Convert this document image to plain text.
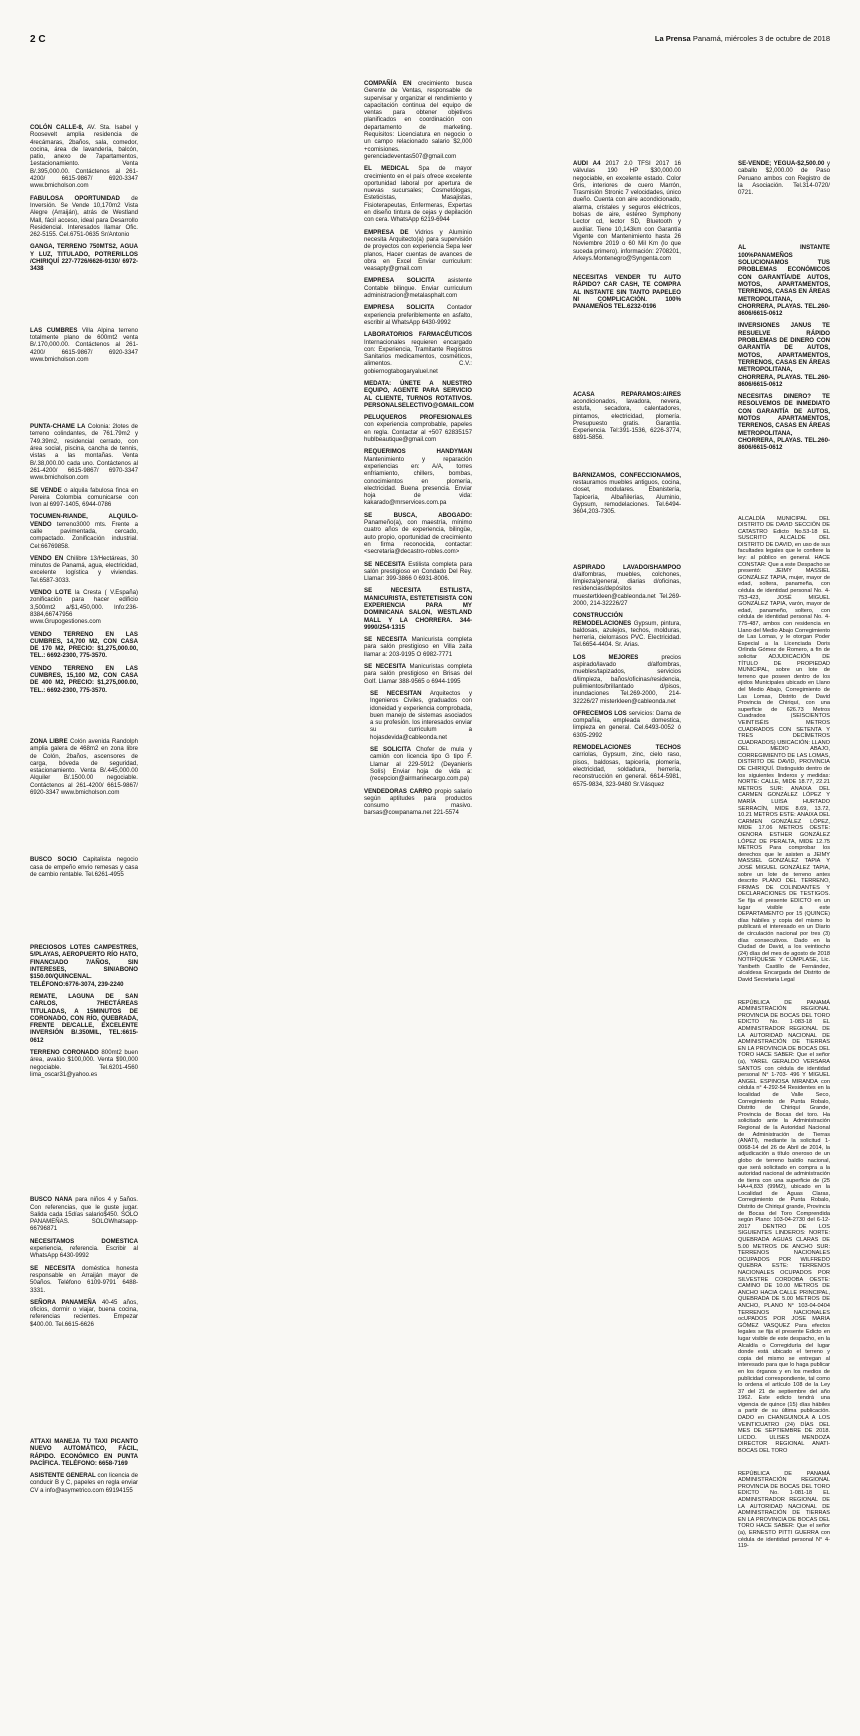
2 C	La Prensa Panamá, miércoles 3 de octubre de 2018
COLÓN CALLE-8, AV. Sta. Isabel y Roosevelt amplia residencia de 4recámaras, 2baños, sala, comedor, cocina, área de lavandería, balcón, patio, anexo de 7apartamentos, 1estacionamiento. Venta B/.395,000.00. Contáctenos al 261-4200/ 6615-9867/ 6920-3347 www.bmicholson.com
FABULOSA OPORTUNIDAD de Inversión. Se Vende 10,170m2 Vista Alegre (Arraiján), atrás de Westland Mall, fácil acceso, ideal para Desarrollo Residencial. Interesados llamar Ofic. 262-5155. Cel.6751-0635 Sr/Antonio
GANGA, TERRENO 750MTS2, AGUA Y LUZ, TITULADO, POTRERILLOS /CHIRIQUÍ 227-7726/6626-9130/ 6972-3438
LAS CUMBRES Villa Alpina terreno totalmente plano de 600mt2 venta B/.170,000.00. Contáctenos al 261-4200/ 6615-9867/ 6920-3347 www.bmicholson.com
PUNTA-CHAME LA Colonia: 2lotes de terreno colindantes, de 761.79m2 y 749.39m2, residencial cerrado, con área social, piscina, cancha de tennis, vistas a las montañas. Venta B/.38,000.00 cada uno. Contáctenos al 261-4200/ 6615-9867/ 6970-3347 www.bmicholson.com
SE VENDE o alquila fabulosa finca en Pereira Colombia comunicarse con Ivon al 6997-1405, 6944-0786
TOCUMEN-RIANDE, ALQUILO-VENDO terreno3000 mts. Frente a calle pavimentada, cercado, compactado. Zonificación industrial. Cel:66769858.
VENDO EN Chilibre 13/Hectáreas, 30 minutos de Panamá, agua, electricidad, excelente logística y viviendas. Tel.6587-3033.
VENDO LOTE la Cresta ( V.España) zonificación para hacer edificio 3,500mt2 a/$1,450,000. Info:236-8384,66747956 www.Grupogestiones.com
VENDO TERRENO EN LAS CUMBRES, 14,700 M2, CON CASA DE 170 M2, PRECIO: $1,275,000.00, TEL.: 6692-2300, 775-3570.
VENDO TERRENO EN LAS CUMBRES, 15,100 M2, CON CASA DE 400 M2, PRECIO: $1,275,000.00, TEL.: 6692-2300, 775-3570.
ZONA LIBRE Colón avenida Randolph amplia galera de 468m2 en zona libre de Colón, 2baños, ascensores de carga, bóveda de seguridad, estacionamiento. Venta B/.445,000.00 Alquiler B/.1500.00 negociable. Contáctenos al 261-4200/ 6615-9867/ 6920-3347 www.bmicholson.com
BUSCO SOCIO Capitalista negocio casa de empeño envío remesas y casa de cambio rentable. Tel.6261-4955
PRECIOSOS LOTES CAMPESTRES, 5/PLAYAS, AEROPUERTO RÍO HATO, FINANCIADO 7/AÑOS, SIN INTERESES, SIN/ABONO $150.00/QUINCENAL. TELÉFONO:6776-3074, 239-2240
REMATE, LAGUNA DE SAN CARLOS, 7HECTÁREAS TITULADAS, A 15MINUTOS DE CORONADO, CON RÍO, QUEBRADA, FRENTE DE/CALLE, EXCELENTE INVERSIÓN B/.350MIL, TEL:6615-0612
TERRENO CORONADO 800mt2 buen área, avalúo $100,000. Venta $90,000 negociable. Tel.6201-4560 lima_oscar31@yahoo.es
BUSCO NANA para niños 4 y 5años. Con referencias, que le guste jugar. Salida cada 15días salario$450. SOLO PANAMEÑAS. SOLOWhatsapp-66796871
NECESITAMOS DOMESTICA experiencia, referencia. Escribir al WhatsApp 6430-9992
SE NECESITA doméstica honesta responsable en Arraiján mayor de 50años. Teléfono 6109-9791 6488-3331.
SEÑORA PANAMEÑA 40-45 años, oficios, dormir o viajar, buena cocina, referencias recientes. Empezar $400.00. Tel.6615-6626
ATTAXI MANEJA TU TAXI PICANTO NUEVO AUTOMÁTICO, FÁCIL, RÁPIDO. ECONÓMICO EN PUNTA PACÍFICA. TELÉFONO: 6658-7169
ASISTENTE GENERAL con licencia de conducir B y C, papeles en regla enviar CV a info@asymetrico.com 69194155
COMPAÑÍA EN crecimiento busca Gerente de Ventas, responsable de supervisar y organizar el rendimiento y capacitación continua del equipo de ventas para obtener objetivos planificados en coordinación con departamento de marketing. Requisitos: Licenciatura en negocio o un campo relacionado salario $2,000 +comisiones. gerenciadeventas507@gmail.com
EL MEDICAL Spa de mayor crecimiento en el país ofrece excelente oportunidad laboral por apertura de nuevas sucursales; Cosmetólogas, Esteticistas, Masajistas, Fisioterapeutas, Enfermeras, Expertas en diseño tintura de cejas y depilación con cera. WhatsApp 6219-6944
EMPRESA DE Vidrios y Aluminio necesita Arquitecto(a) para supervisión de proyectos con experiencia Sepa leer planos, Hacer cuentas de avances de obra en Excel Enviar curriculum: veasapty@gmail.com
EMPRESA SOLICITA asistente Contable bilingue. Enviar curriculum administracion@metalasphalt.com
EMPRESA SOLICITA Contador experiencia preferiblemente en asfalto, escribir al WhatsApp 6430-9992
LABORATORIOS FARMACÉUTICOS Internacionales requieren encargado con: Experiencia, Tramitante Registros Sanitarios medicamentos, cosméticos, alimentos. C.V.: gobiernogtabogaryaluel.net
MEDATA: ÚNETE A NUESTRO EQUIPO, AGENTE PARA SERVICIO AL CLIENTE, TURNOS ROTATIVOS. PERSONALSELECTIVO@GMAIL.COM
PELUQUEROS PROFESIONALES con experiencia comprobable, papeles en regla. Contactar al +507 62835157 hublbeautique@gmail.com
REQUERIMOS HANDYMAN Mantenimiento y reparación experiencias en: A/A, torres enfriamiento, chillers, bombas, conocimientos en plomería, electricidad. Buena presencia. Enviar hoja de vida: kakarado@mrservices.com.pa
SE BUSCA, ABOGADO: Panameño(a), con maestría, mínimo cuatro años de experiencia, bilingüe, auto propio, oportunidad de crecimiento en firma reconocida, contactar: <secretaria@decastro-robles.com>
SE NECESITA Estilista completa para salón prestigioso en Condado Del Rey. Llamar: 399-3866 0 6931-8006.
SE NECESITA ESTILISTA, MANICURISTA, ESTETETISISTA CON EXPERIENCIA PARA MY DOMINICANA SALON, WESTLAND MALL Y LA CHORRERA. 344-9990/254-1315
SE NECESITA Manicurista completa para salón prestigioso en Villa zaita llamar a: 203-9195 O 6982-7771
SE NECESITA Manicuristas completa para salón prestigioso en Brisas del Golf. Llamar 388-9565 o 6944-1995
SE NECESITAN Arquitectos y Ingenieros Civiles, graduados con idoneidad y experiencia comprobada, buen manejo de sistemas asociados a su profesión. los interesados enviar su curriculum a hojasdevida@cableonda.net
SE SOLICITA Chofer de mula y camión con licencia tipo G tipo F. Llamar al 229-5912 (Deyanieris Solís) Enviar hoja de vida a: (recepcion@airmarinecargo.com.pa)
VENDEDORAS CARRO propio salario según aptitudes para productos consumo masivo. barsas@cowpanama.net 221-5574
AUDI A4 2017 2.0 TFSI 2017 16 válvulas 190 HP $30,000.00 negociable, en excelente estado. Color Gris, interiores de cuero Marrón, Trasmisión Stronic 7 velocidades, único dueño. Cuenta con aire acondicionado, alarma, cristales y seguros eléctricos, bolsas de aire, estéreo Symphony Lector cd, lector SD, Bluetooth y auxiliar. Tiene 10,143km con Garantía Vigente con Mantenimiento hasta 26 Noviembre 2019 o 60 Mil Km (lo que suceda primero). información: 2708201, Arkeys.Montenegro@Syngenta.com
NECESITAS VENDER TU AUTO RÁPIDO? CAR CASH, TE COMPRA AL INSTANTE SIN TANTO PAPELEO NI COMPLICACIÓN. 100% PANAMEÑOS TEL.6232-0196
ACASA REPARAMOS:AIRES acondicionados, lavadora, nevera, estufa, secadora, calentadores, pintamos, electricidad, plomería. Presupuesto gratis. Garantía. Experiencia. Tel:391-1536, 6226-3774, 6891-5856.
BARNIZAMOS, CONFECCIONAMOS, restauramos muebles antiguos, cocina, closet, modulares. Ebanistería, Tapicería, Albañilerías, Aluminio, Gypsum, remodelaciones. Tel.6494-3604,203-7305.
ASPIRADO LAVADO/SHAMPOO d/alfombras, muebles, colchones, limpieza/general, diarias d/oficinas, residencias/depósitos muestertkleen@cableonda.net Tel.269-2000, 214-32226/27
CONSTRUCCIÓN REMODELACIONES Gypsum, pintura, baldosas, azulejos, techos, molduras, herrería, cielorrasos PVC. Electricidad. Tel.6654-4404. Sr. Arias.
LOS MEJORES precios aspirado/lavado d/alfombras, muebles/tapizados, servicios d/limpieza, baños/oficinas/residencia, pulimientos/brillantado d/pisos, inundaciones Tel.269-2000, 214-32226/27 misterkleen@cableonda.net
OFRECEMOS LOS servicios: Dama de compañía, empleada domestica, limpieza en general. Cel.6493-0052 ó 6305-2992
REMODELACIONES TECHOS carriolas, Gypsum, zinc, cielo raso, pisos, baldosas, tapicería, plomería, electricidad, soldadura, herrería, reconstrucción en general. 6614-5981, 6575-9834, 323-9480 Sr.Vásquez
SE-VENDE; YEGUA-$2,500.00 y caballo $2,000.00 de Paso Peruano ambos con Registro de la Asociación. Tel.314-0720/ 0721.
AL INSTANTE 100%PANAMEÑOS SOLUCIONAMOS TUS PROBLEMAS ECONÓMICOS CON GARANTÍA/DE AUTOS, MOTOS, APARTAMENTOS, TERRENOS, CASAS EN ÁREAS METROPOLITANA, CHORRERA, PLAYAS. TEL.260-8606/6615-0612
INVERSIONES JANUS TE RESUELVE RÁPIDO PROBLEMAS DE DINERO CON GARANTÍA DE AUTOS, MOTOS, APARTAMENTOS, TERRENOS, CASAS EN ÁREAS METROPOLITANA, CHORRERA, PLAYAS. TEL.260-8606/6615-0612
NECESITAS DINERO? TE RESOLVEMOS DE INMEDIATO CON GARANTÍA DE AUTOS, MOTOS APARTAMENTOS, TERRENOS, CASAS EN ÁREAS METROPOLITANA, CHORRERA, PLAYAS. TEL.260-8606/6615-0612
ALCALDÍA MUNICIPAL DEL DISTRITO DE DAVID SECCIÓN DE CATASTRO Edicto No.53-18 EL SUSCRITO ALCALDE DEL DISTRITO DE DAVID, en uso de sus facultades legales que le confiere la ley: al público en general. HACE CONSTAR: Que a este Despacho se presentó: JEIMY MASSIEL GONZÁLEZ TAPIA, mujer, mayor de edad, soltera, panameña, con cédula de identidad personal No. 4-753-423, JOSÉ MIGUEL GONZÁLEZ TAPIA, varón, mayor de edad, panameño, soltero, con cédula de identidad personal No. 4-775-487, ambos con residencia en Llano del Medio Abajo Corregimiento de Las Lomas, y le otorgan Poder Especial a la Licenciada Doris Orlinda Gómez de Romero, a fin de solicitar ADJUDICACIÓN DE TÍTULO DE PROPIEDAD MUNICIPAL, sobre un lote de terreno que poseen dentro de los ejidos Municipales ubicado en Llano del Medio Abajo, Corregimiento de Las Lomas, Distrito de David Provincia de Chiriquí, con una superficie de 626.73 Metros Cuadrados (SEISCIENTOS VEINTISÉIS METROS CUADRADOS CON SETENTA Y TRES DECÍMETROS CUADRADOS) UBICACIÓN: LLANO DEL MEDIO ABAJO, CORREGIMIENTO DE LAS LOMAS, DISTRITO DE DAVID, PROVINCIA DE CHIRIQUÍ. Distinguido dentro de los siguientes linderos y medidas: NORTE: CALLE, MIDE 18.77, 22.21 METROS SUR: ANAIXA DEL CARMEN GONZÁLEZ LÓPEZ Y MARÍA LUISA HURTADO SERRACÍN, MIDE 8.69, 13.72, 10.21 METROS ESTE: ANAIXA DEL CARMEN GONZÁLEZ LÓPEZ, MIDE 17.06 METROS OESTE: OENORA ESTHER GONZÁLEZ LÓPEZ DE PERALTA, MIDE 12.75 METROS Para comprobar los derechos que le asisten a JEIMY MASSIEL GONZÁLEZ TAPIA Y JOSÉ MIGUEL GONZÁLEZ TAPIA, sobre un lote de terreno antes descrito PLANO DEL TERRENO, FIRMAS DE COLINDANTES Y DECLARACIONES DE TESTIGOS. Se fija el presente EDICTO en un lugar visible a este DEPARTAMENTO por 15 (QUINCE) días hábiles y copia del mismo lo publicará el interesado en un Diario de circulación nacional por tres (3) días consecutivos. Dado en la Ciudad de David, a los veintiocho (24) días del mes de agosto de 2018 NOTIFÍQUESE Y CÚMPLASE, Lic. Yanibeth Castillo de Fernández, alcaldesa Encargada del Distrito de David Secretaria Legal
REPÚBLICA DE PANAMÁ ADMINISTRACIÓN REGIONAL PROVINCIA DE BOCAS DEL TORO EDICTO No. 1-083-18 EL ADMINISTRADOR REGIONAL DE LA AUTORIDAD NACIONAL DE ADMINISTRACIÓN DE TIERRAS EN LA PROVINCIA DE BOCAS DEL TORO HACE SABER: Que el señor (a), YAREL GERALDO VERSARA SANTOS con cédula de identidad personal N° 1-703- 496 Y MIGUEL ANGEL ESPINOSA MIRANDA con cédula n° 4-292-54 Residentes en la localidad de Valle Seco, Corregimiento de Punta Robalo, Distrito de Chiriquí Grande, Provincia de Bocas del toro. Ha solicitado ante la Administración Regional de la Autoridad Nacional de Administración de Tierras (ANATI), mediante la solicitud 1-0068-14 del 26 de Abril de 2014, la adjudicación a título oneroso de un globo de terreno baldío nacional, que será solicitado en compra a la autoridad nacional de administración de tierra con una superficie de (25 HA+4,833 (99M2), ubicado en la Localidad de Aguas Claras, Corregimiento de Punta Robalo, Distrito de Chiriquí grande, Provincia de Bocas del Toro Comprendida según Plano: 103-04-2730 del 6-12-2017 DENTRO DE LOS SIGUIENTES LINDEROS: NORTE: QUEBRADA AGUAS CLARAS DE 5.00 METROS DE ANCHO SUR: TERRENOS NACIONALES OCUPADOS POR WILFREDO QUEBRA ESTE: TERRENOS NACIONALES OCUPADOS POR SILVESTRE CORDOBA OESTE: CAMINO DE 10.00 METROS DE ANCHO HACIA CALLE PRINCIPAL, QUEBRADA DE 5.00 METROS DE ANCHO, PLANO N° 103-04-0404 TERRENOS NACIONALES ocUPADOS POR JOSE MARIA GÓMEZ VASQUEZ Para efectos legales se fija el presente Edicto en lugar visible de este despacho, en la Alcaldía o Corregiduría del lugar donde está ubicado el terreno y copia del mismo se entregan al interesado para que lo haga publicar en los órganos y en los medios de publicidad correspondiente, tal como lo ordena el artículo 108 de la Ley 37 del 21 de septiembre del año 1962. Este edicto tendrá una vigencia de quince (15) días hábiles a partir de su última publicación. DADO en CHANGUINOLA A LOS VEINTICUATRO (24) DÍAS DEL MES DE SEPTIEMBRE DE 2018. LICDO. ULISES MENDOZA DIRECTOR REGIONAL ANATI-BOCAS DEL TORO
REPÚBLICA DE PANAMÁ ADMINISTRACIÓN REGIONAL PROVINCIA DE BOCAS DEL TORO EDICTO No. 1-081-18 EL ADMINISTRADOR REGIONAL DE LA AUTORIDAD NACIONAL DE ADMINISTRACIÓN DE TIERRAS EN LA PROVINCIA DE BOCAS DEL TORO HACE SABER: Que el señor (a), ERNESTO PITTI GUERRA con cédula de identidad personal N° 4-119-
